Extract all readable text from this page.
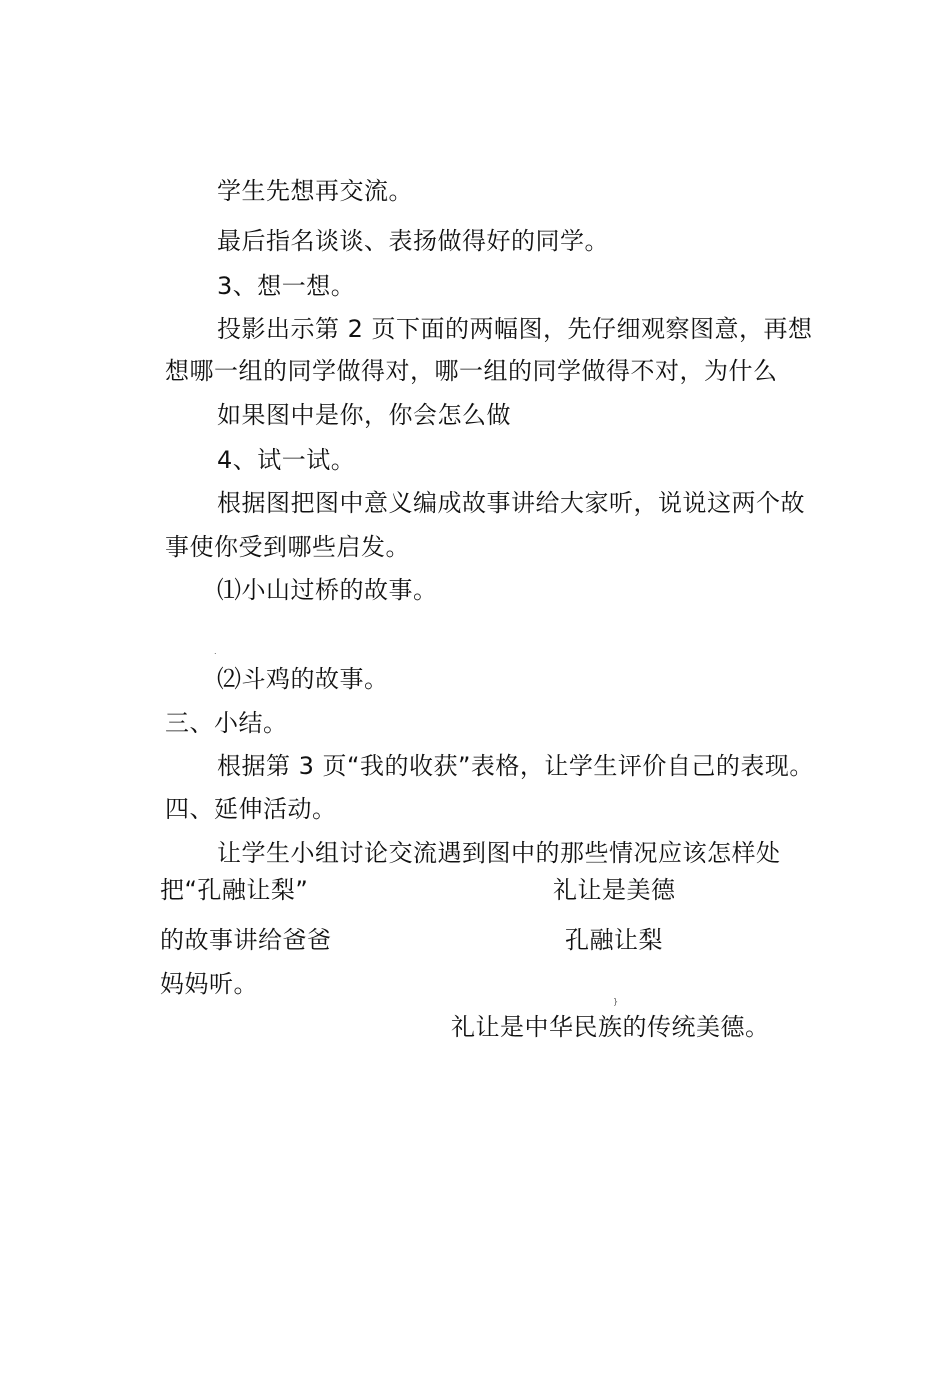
学生先想再交流。
最后指名谈谈、表扬做得好的同学。
3、想一想。
投影出示第 2 页下面的两幅图，先仔细观察图意，再想
想哪一组的同学做得对，哪一组的同学做得不对，为什么
如果图中是你，你会怎么做
4、试一试。
根据图把图中意义编成故事讲给大家听，说说这两个故
事使你受到哪些启发。
⑴小山过桥的故事。
.
⑵斗鸡的故事。
三、小结。
根据第 3 页“我的收获”表格，让学生评价自己的表现。
四、延伸活动。
让学生小组讨论交流遇到图中的那些情况应该怎样处
把“孔融让梨”	礼让是美德
的故事讲给爸爸	孔融让梨
妈妈听。
}
礼让是中华民族的传统美德。
